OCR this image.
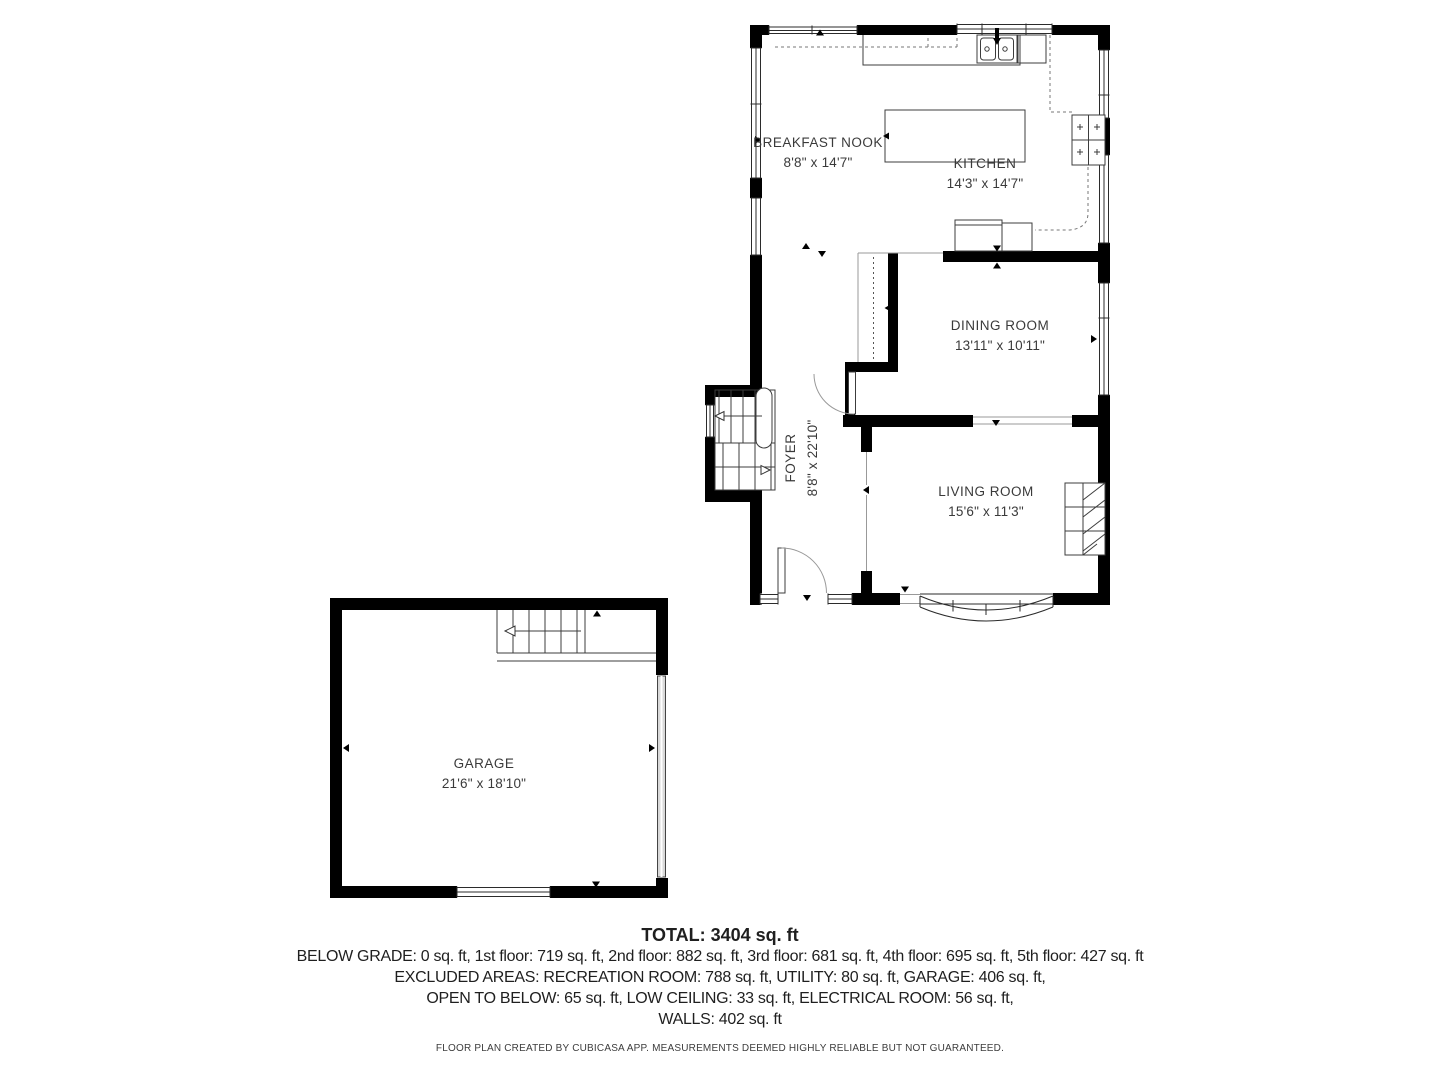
BREAKFAST NOOK
8'8" x 14'7"	KITCHEN
14'3" x 14'7"
DINING ROOM
13'11" x 10'11"
FOYER 8'8" x 22'10"	LIVING ROOM
15'6" x 11'3"
GARAGE
21'6" x 18'10"
TOTAL: 3404 sq. ft
BELOW GRADE: 0 sq. ft, 1st floor: 719 sq. ft, 2nd floor: 882 sq. ft, 3rd floor: 681 sq. ft, 4th floor: 695 sq. ft, 5th floor: 427 sq. ft
EXCLUDED AREAS: RECREATION ROOM: 788 sq. ft, UTILITY: 80 sq. ft, GARAGE: 406 sq. ft,
OPEN TO BELOW: 65 sq. ft, LOW CEILING: 33 sq. ft, ELECTRICAL ROOM: 56 sq. ft,
WALLS: 402 sq. ft
FLOOR PLAN CREATED BY CUBICASA APP. MEASUREMENTS DEEMED HIGHLY RELIABLE BUT NOT GUARANTEED.
